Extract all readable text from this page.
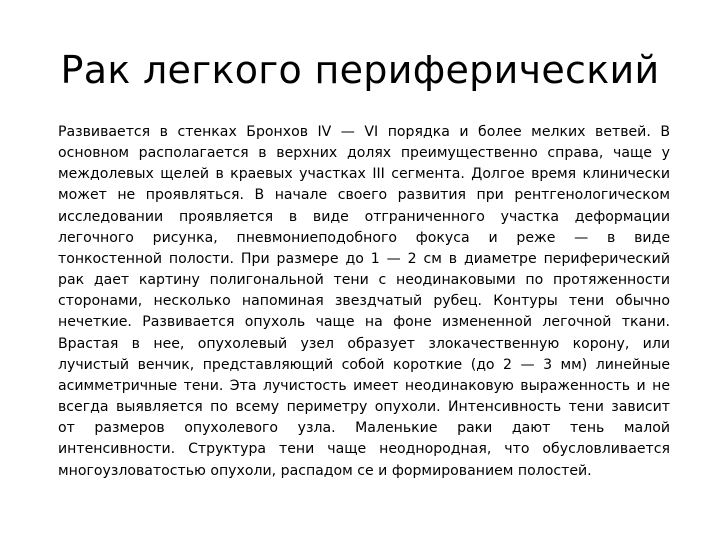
Рак легкого периферический
Развивается в стенках Бронхов IV — VI порядка и более мелких ветвей. В
основном располагается в верхних долях преимущественно справа, чаще у
междолевых щелей в краевых участках III сегмента. Долгое время клинически
может не проявляться. В начале своего развития при рентгенологическом
исследовании проявляется в виде отграниченного участка деформации
легочного рисунка, пневмониеподобного фокуса и реже — в виде
тонкостенной полости. При размере до 1 — 2 см в диаметре периферический
рак дает картину полигональной тени с неодинаковыми по протяженности
сторонами, несколько напоминая звездчатый рубец. Контуры тени обычно
нечеткие. Развивается опухоль чаще на фоне измененной легочной ткани.
Врастая в нее, опухолевый узел образует злокачественную корону, или
лучистый венчик, представляющий собой короткие (до 2 — 3 мм) линейные
асимметричные тени. Эта лучистость имеет неодинаковую выраженность и не
всегда выявляется по всему периметру опухоли. Интенсивность тени зависит
от размеров опухолевого узла. Маленькие раки дают тень малой
интенсивности. Структура тени чаще неоднородная, что обусловливается
многоузловатостью опухоли, распадом се и формированием полостей.
